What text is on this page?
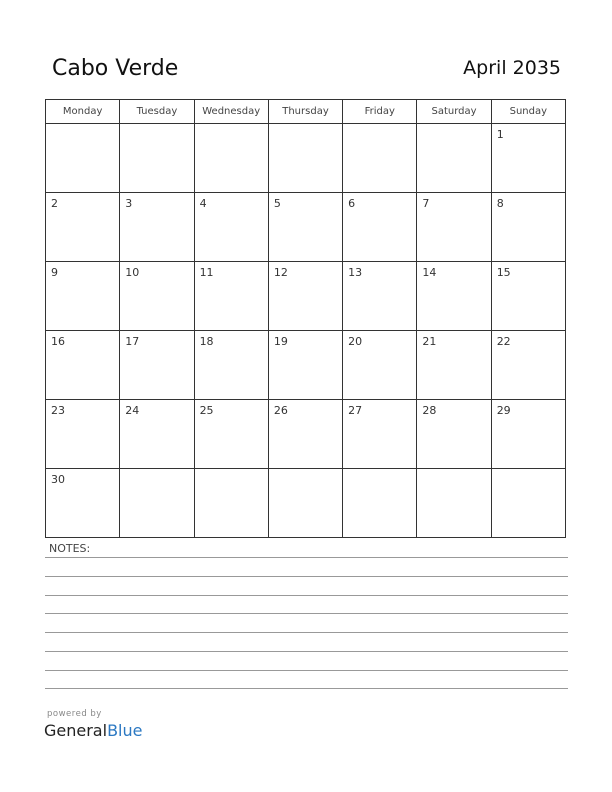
Cabo Verde	April 2035
Monday	Tuesday	Wednesday	Thursday	Friday	Saturday	Sunday
						1
2	3	4	5	6	7	8
9	10	11	12	13	14	15
16	17	18	19	20	21	22
23	24	25	26	27	28	29
30						
NOTES:
powered by
GeneralBlue
